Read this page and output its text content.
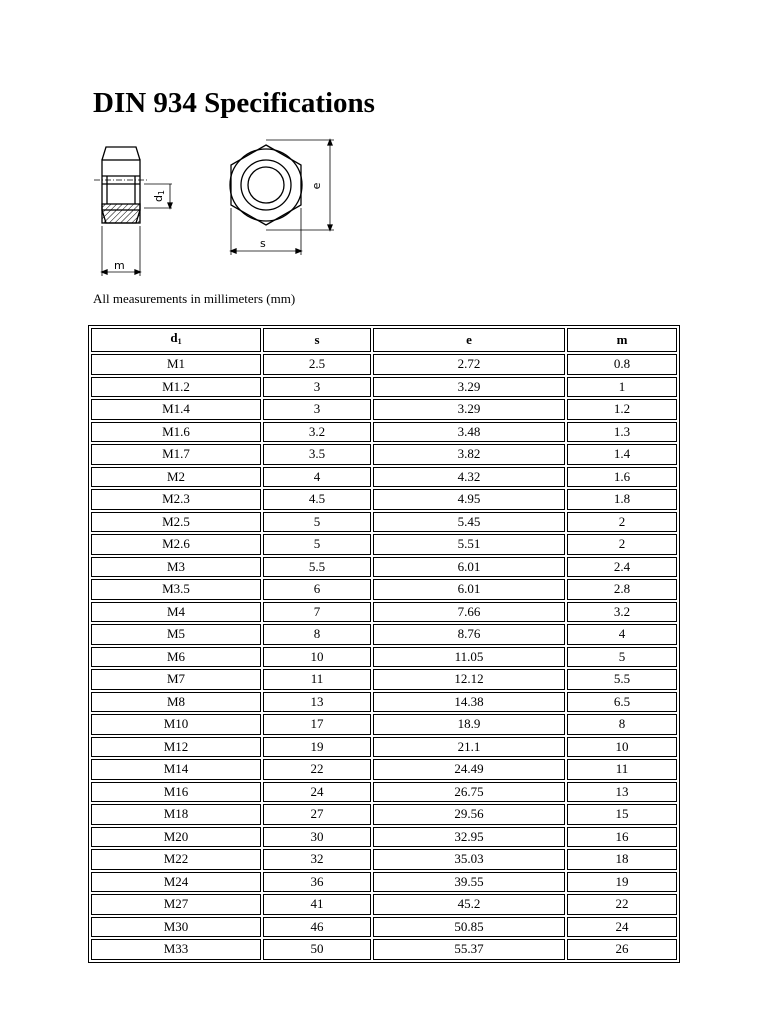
DIN 934 Specifications
m
d1
e
s
All measurements in millimeters (mm)
$d_1$	s	e	m
M1	2.5	2.72	0.8
M1.2	3	3.29	1
M1.4	3	3.29	1.2
M1.6	3.2	3.48	1.3
M1.7	3.5	3.82	1.4
M2	4	4.32	1.6
M2.3	4.5	4.95	1.8
M2.5	5	5.45	2
M2.6	5	5.51	2
M3	5.5	6.01	2.4
M3.5	6	6.01	2.8
M4	7	7.66	3.2
M5	8	8.76	4
M6	10	11.05	5
M7	11	12.12	5.5
M8	13	14.38	6.5
M10	17	18.9	8
M12	19	21.1	10
M14	22	24.49	11
M16	24	26.75	13
M18	27	29.56	15
M20	30	32.95	16
M22	32	35.03	18
M24	36	39.55	19
M27	41	45.2	22
M30	46	50.85	24
M33	50	55.37	26
